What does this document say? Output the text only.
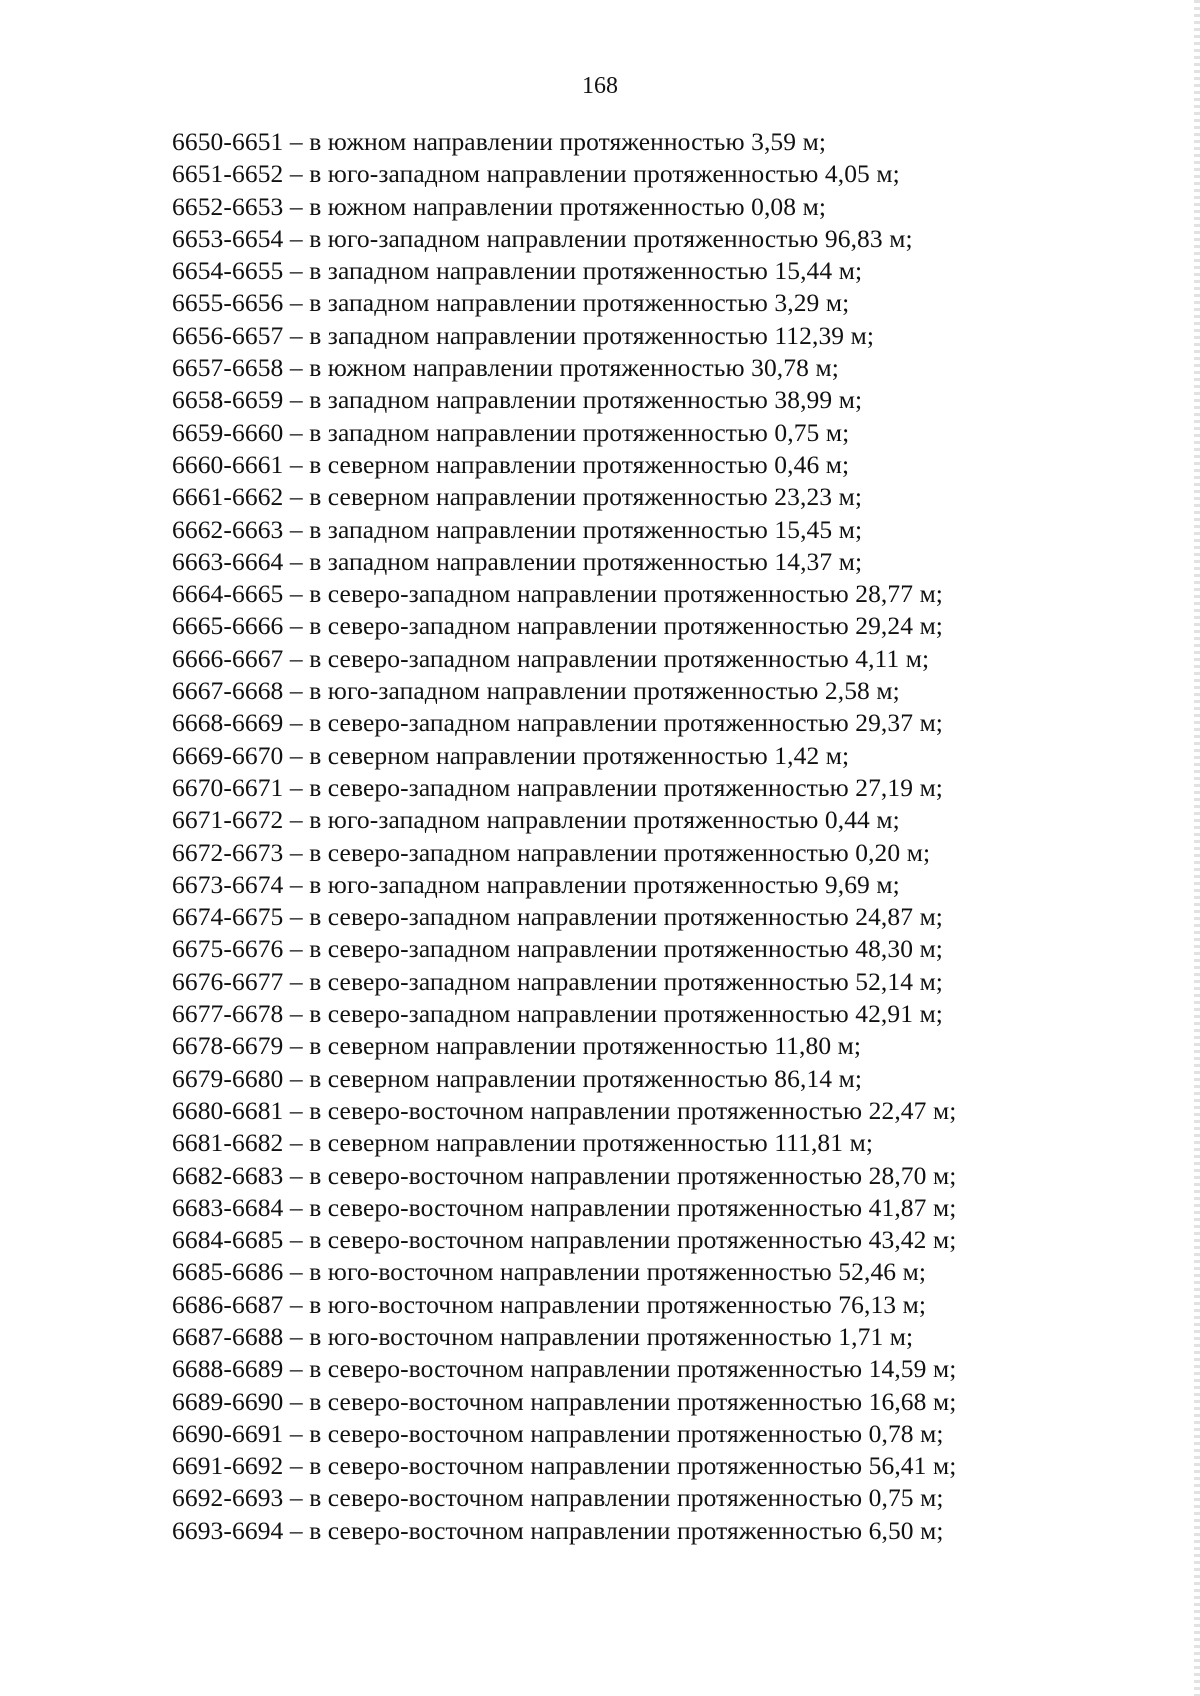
168
6650-6651 – в южном направлении протяженностью 3,59 м;
6651-6652 – в юго-западном направлении протяженностью 4,05 м;
6652-6653 – в южном направлении протяженностью 0,08 м;
6653-6654 – в юго-западном направлении протяженностью 96,83 м;
6654-6655 – в западном направлении протяженностью 15,44 м;
6655-6656 – в западном направлении протяженностью 3,29 м;
6656-6657 – в западном направлении протяженностью 112,39 м;
6657-6658 – в южном направлении протяженностью 30,78 м;
6658-6659 – в западном направлении протяженностью 38,99 м;
6659-6660 – в западном направлении протяженностью 0,75 м;
6660-6661 – в северном направлении протяженностью 0,46 м;
6661-6662 – в северном направлении протяженностью 23,23 м;
6662-6663 – в западном направлении протяженностью 15,45 м;
6663-6664 – в западном направлении протяженностью 14,37 м;
6664-6665 – в северо-западном направлении протяженностью 28,77 м;
6665-6666 – в северо-западном направлении протяженностью 29,24 м;
6666-6667 – в северо-западном направлении протяженностью 4,11 м;
6667-6668 – в юго-западном направлении протяженностью 2,58 м;
6668-6669 – в северо-западном направлении протяженностью 29,37 м;
6669-6670 – в северном направлении протяженностью 1,42 м;
6670-6671 – в северо-западном направлении протяженностью 27,19 м;
6671-6672 – в юго-западном направлении протяженностью 0,44 м;
6672-6673 – в северо-западном направлении протяженностью 0,20 м;
6673-6674 – в юго-западном направлении протяженностью 9,69 м;
6674-6675 – в северо-западном направлении протяженностью 24,87 м;
6675-6676 – в северо-западном направлении протяженностью 48,30 м;
6676-6677 – в северо-западном направлении протяженностью 52,14 м;
6677-6678 – в северо-западном направлении протяженностью 42,91 м;
6678-6679 – в северном направлении протяженностью 11,80 м;
6679-6680 – в северном направлении протяженностью 86,14 м;
6680-6681 – в северо-восточном направлении протяженностью 22,47 м;
6681-6682 – в северном направлении протяженностью 111,81 м;
6682-6683 – в северо-восточном направлении протяженностью 28,70 м;
6683-6684 – в северо-восточном направлении протяженностью 41,87 м;
6684-6685 – в северо-восточном направлении протяженностью 43,42 м;
6685-6686 – в юго-восточном направлении протяженностью 52,46 м;
6686-6687 – в юго-восточном направлении протяженностью 76,13 м;
6687-6688 – в юго-восточном направлении протяженностью 1,71 м;
6688-6689 – в северо-восточном направлении протяженностью 14,59 м;
6689-6690 – в северо-восточном направлении протяженностью 16,68 м;
6690-6691 – в северо-восточном направлении протяженностью 0,78 м;
6691-6692 – в северо-восточном направлении протяженностью 56,41 м;
6692-6693 – в северо-восточном направлении протяженностью 0,75 м;
6693-6694 – в северо-восточном направлении протяженностью 6,50 м;
